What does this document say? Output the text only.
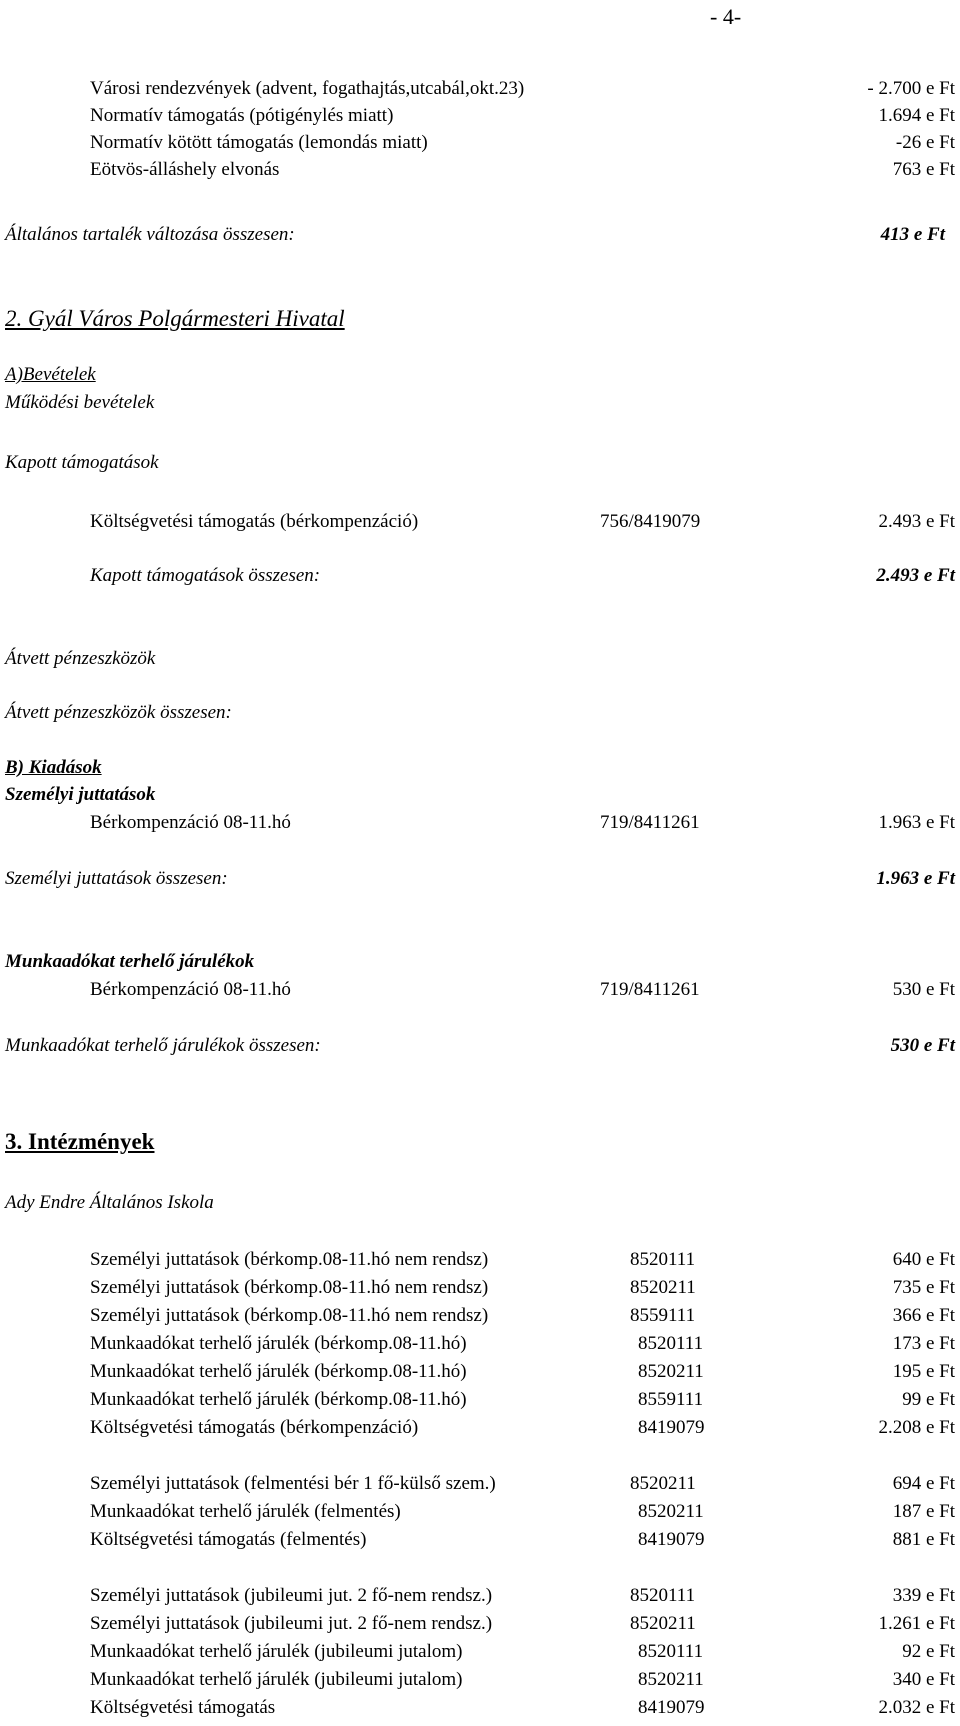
- 4-
Városi rendezvények (advent, fogathajtás,utcabál,okt.23)	- 2.700 e Ft
Normatív támogatás (pótigénylés miatt)	1.694 e Ft
Normatív kötött támogatás (lemondás miatt)	-26 e Ft
Eötvös-álláshely elvonás	763 e Ft
Általános tartalék változása összesen:	413 e Ft
2. Gyál Város Polgármesteri Hivatal
A)Bevételek
Működési bevételek
Kapott támogatások
Költségvetési támogatás (bérkompenzáció)	756/8419079	2.493 e Ft
Kapott támogatások összesen:	2.493 e Ft
Átvett pénzeszközök
Átvett pénzeszközök összesen:
B) Kiadások
Személyi juttatások
Bérkompenzáció 08-11.hó	719/8411261	1.963 e Ft
Személyi juttatások összesen:	1.963 e Ft
Munkaadókat terhelő járulékok
Bérkompenzáció 08-11.hó	719/8411261	530 e Ft
Munkaadókat terhelő járulékok összesen:	530 e Ft
3. Intézmények
Ady Endre Általános Iskola
Személyi juttatások (bérkomp.08-11.hó nem rendsz)	8520111	640 e Ft
Személyi juttatások (bérkomp.08-11.hó nem rendsz)	8520211	735 e Ft
Személyi juttatások (bérkomp.08-11.hó nem rendsz)	8559111	366 e Ft
Munkaadókat terhelő járulék (bérkomp.08-11.hó)	8520111	173 e Ft
Munkaadókat terhelő járulék (bérkomp.08-11.hó)	8520211	195 e Ft
Munkaadókat terhelő járulék (bérkomp.08-11.hó)	8559111	99 e Ft
Költségvetési támogatás (bérkompenzáció)	8419079	2.208 e Ft
Személyi juttatások (felmentési bér 1 fő-külső szem.)	8520211	694 e Ft
Munkaadókat terhelő járulék (felmentés)	8520211	187 e Ft
Költségvetési támogatás (felmentés)	8419079	881 e Ft
Személyi juttatások (jubileumi jut. 2 fő-nem rendsz.)	8520111	339 e Ft
Személyi juttatások (jubileumi jut. 2 fő-nem rendsz.)	8520211	1.261 e Ft
Munkaadókat terhelő járulék (jubileumi jutalom)	8520111	92 e Ft
Munkaadókat terhelő járulék (jubileumi jutalom)	8520211	340 e Ft
Költségvetési támogatás	8419079	2.032 e Ft
